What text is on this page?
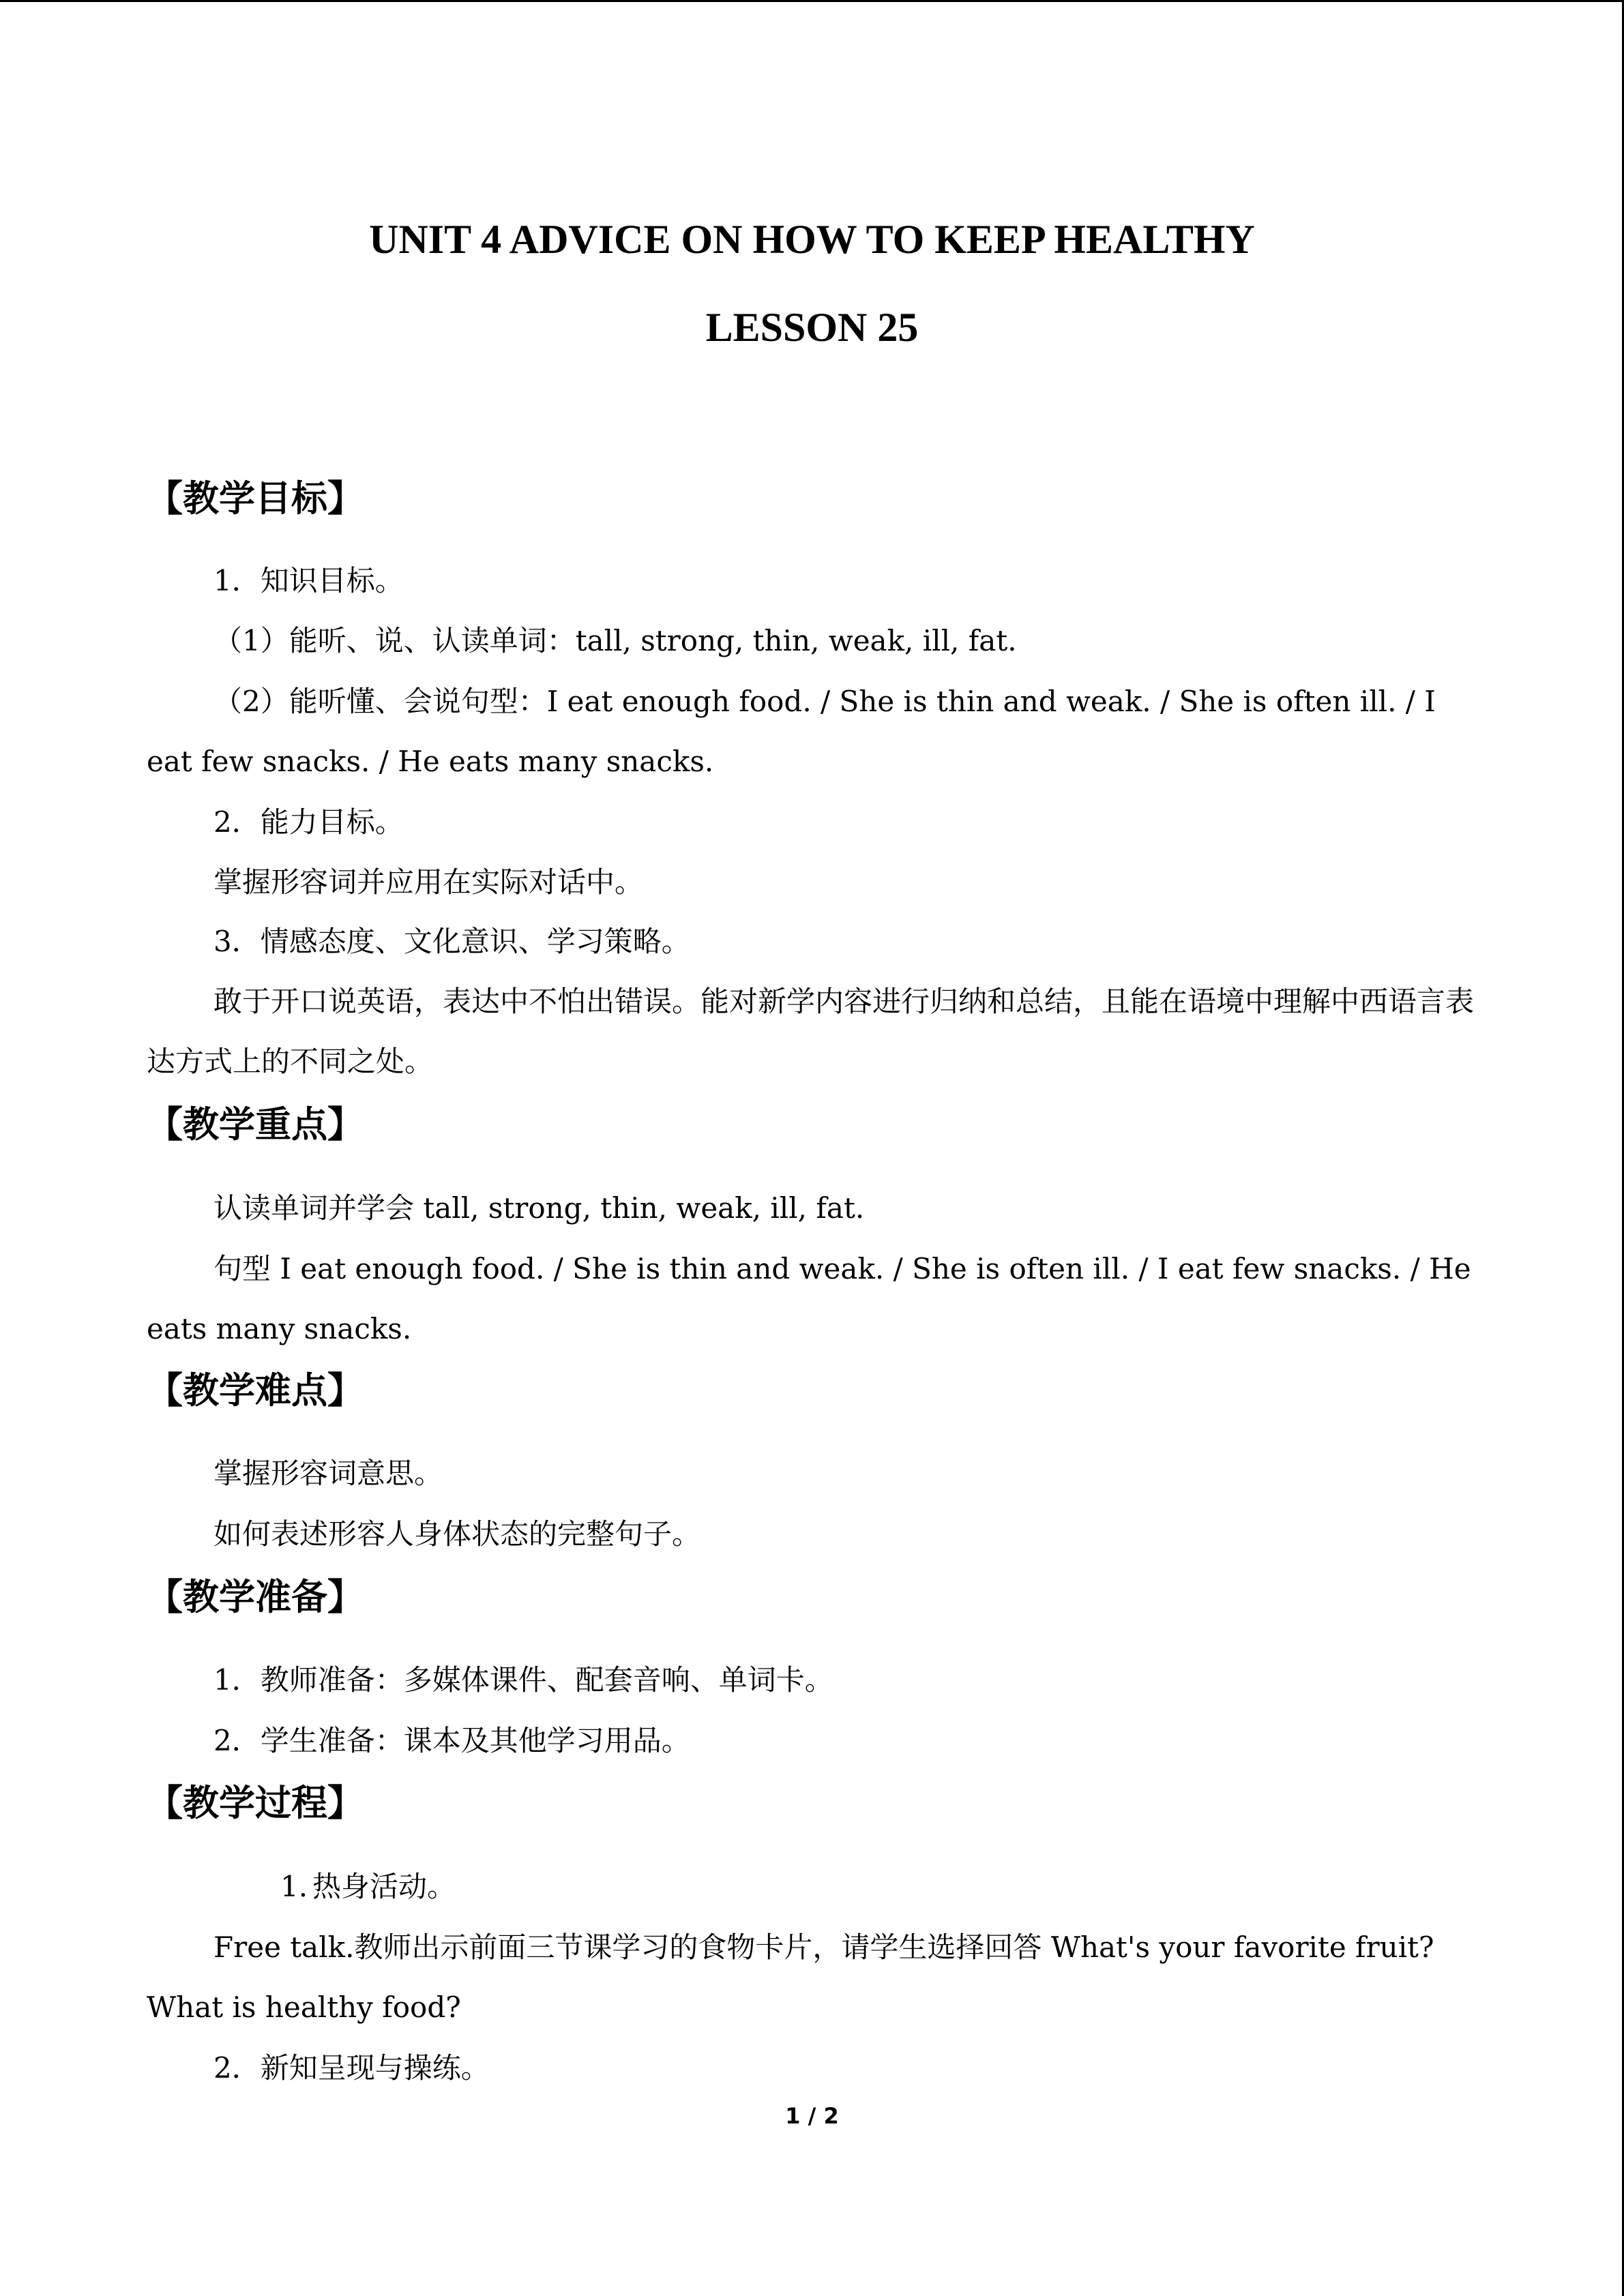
UNIT 4 ADVICE ON HOW TO KEEP HEALTHY
LESSON 25
【教学目标】
1．知识目标。
（1）能听、说、认读单词：tall, strong, thin, weak, ill, fat.
（2）能听懂、会说句型：I eat enough food. / She is thin and weak. / She is often ill. / I eat few snacks. / He eats many snacks.
2．能力目标。
掌握形容词并应用在实际对话中。
3．情感态度、文化意识、学习策略。
敢于开口说英语，表达中不怕出错误。能对新学内容进行归纳和总结，且能在语境中理解中西语言表达方式上的不同之处。
【教学重点】
认读单词并学会 tall, strong, thin, weak, ill, fat.
句型 I eat enough food. / She is thin and weak. / She is often ill. / I eat few snacks. / He eats many snacks.
【教学难点】
掌握形容词意思。
如何表述形容人身体状态的完整句子。
【教学准备】
1．教师准备：多媒体课件、配套音响、单词卡。
2．学生准备：课本及其他学习用品。
【教学过程】
1. 热身活动。
Free talk.教师出示前面三节课学习的食物卡片，请学生选择回答 What's your favorite fruit? What is healthy food?
2．新知呈现与操练。
1 / 2
